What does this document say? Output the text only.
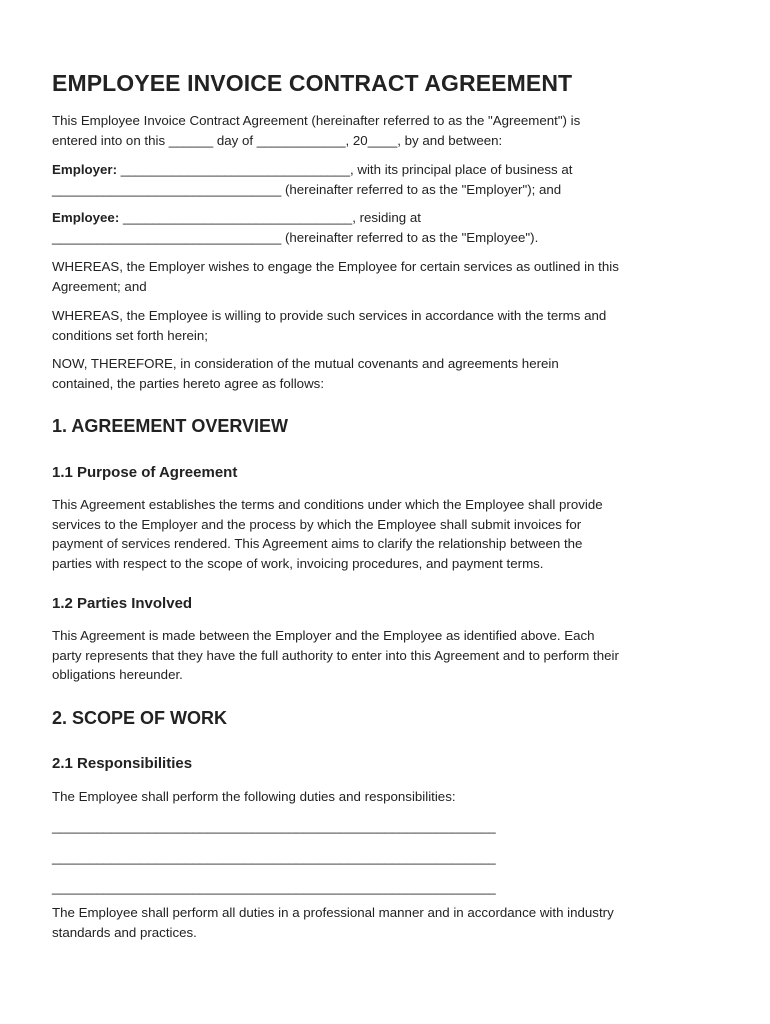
EMPLOYEE INVOICE CONTRACT AGREEMENT

This Employee Invoice Contract Agreement (hereinafter referred to as the "Agreement") is
entered into on this ______ day of ____________, 20____, by and between:

Employer: _______________________________, with its principal place of business at
_______________________________ (hereinafter referred to as the "Employer"); and

Employee: _______________________________, residing at
_______________________________ (hereinafter referred to as the "Employee").

WHEREAS, the Employer wishes to engage the Employee for certain services as outlined in this
Agreement; and

WHEREAS, the Employee is willing to provide such services in accordance with the terms and
conditions set forth herein;

NOW, THEREFORE, in consideration of the mutual covenants and agreements herein
contained, the parties hereto agree as follows:

1. AGREEMENT OVERVIEW
1.1 Purpose of Agreement

This Agreement establishes the terms and conditions under which the Employee shall provide
services to the Employer and the process by which the Employee shall submit invoices for
payment of services rendered. This Agreement aims to clarify the relationship between the
parties with respect to the scope of work, invoicing procedures, and payment terms.

1.2 Parties Involved

This Agreement is made between the Employer and the Employee as identified above. Each
party represents that they have the full authority to enter into this Agreement and to perform their
obligations hereunder.

2. SCOPE OF WORK
2.1 Responsibilities

The Employee shall perform the following duties and responsibilities:

____________________________________________________________

____________________________________________________________

____________________________________________________________

The Employee shall perform all duties in a professional manner and in accordance with industry
standards and practices.
